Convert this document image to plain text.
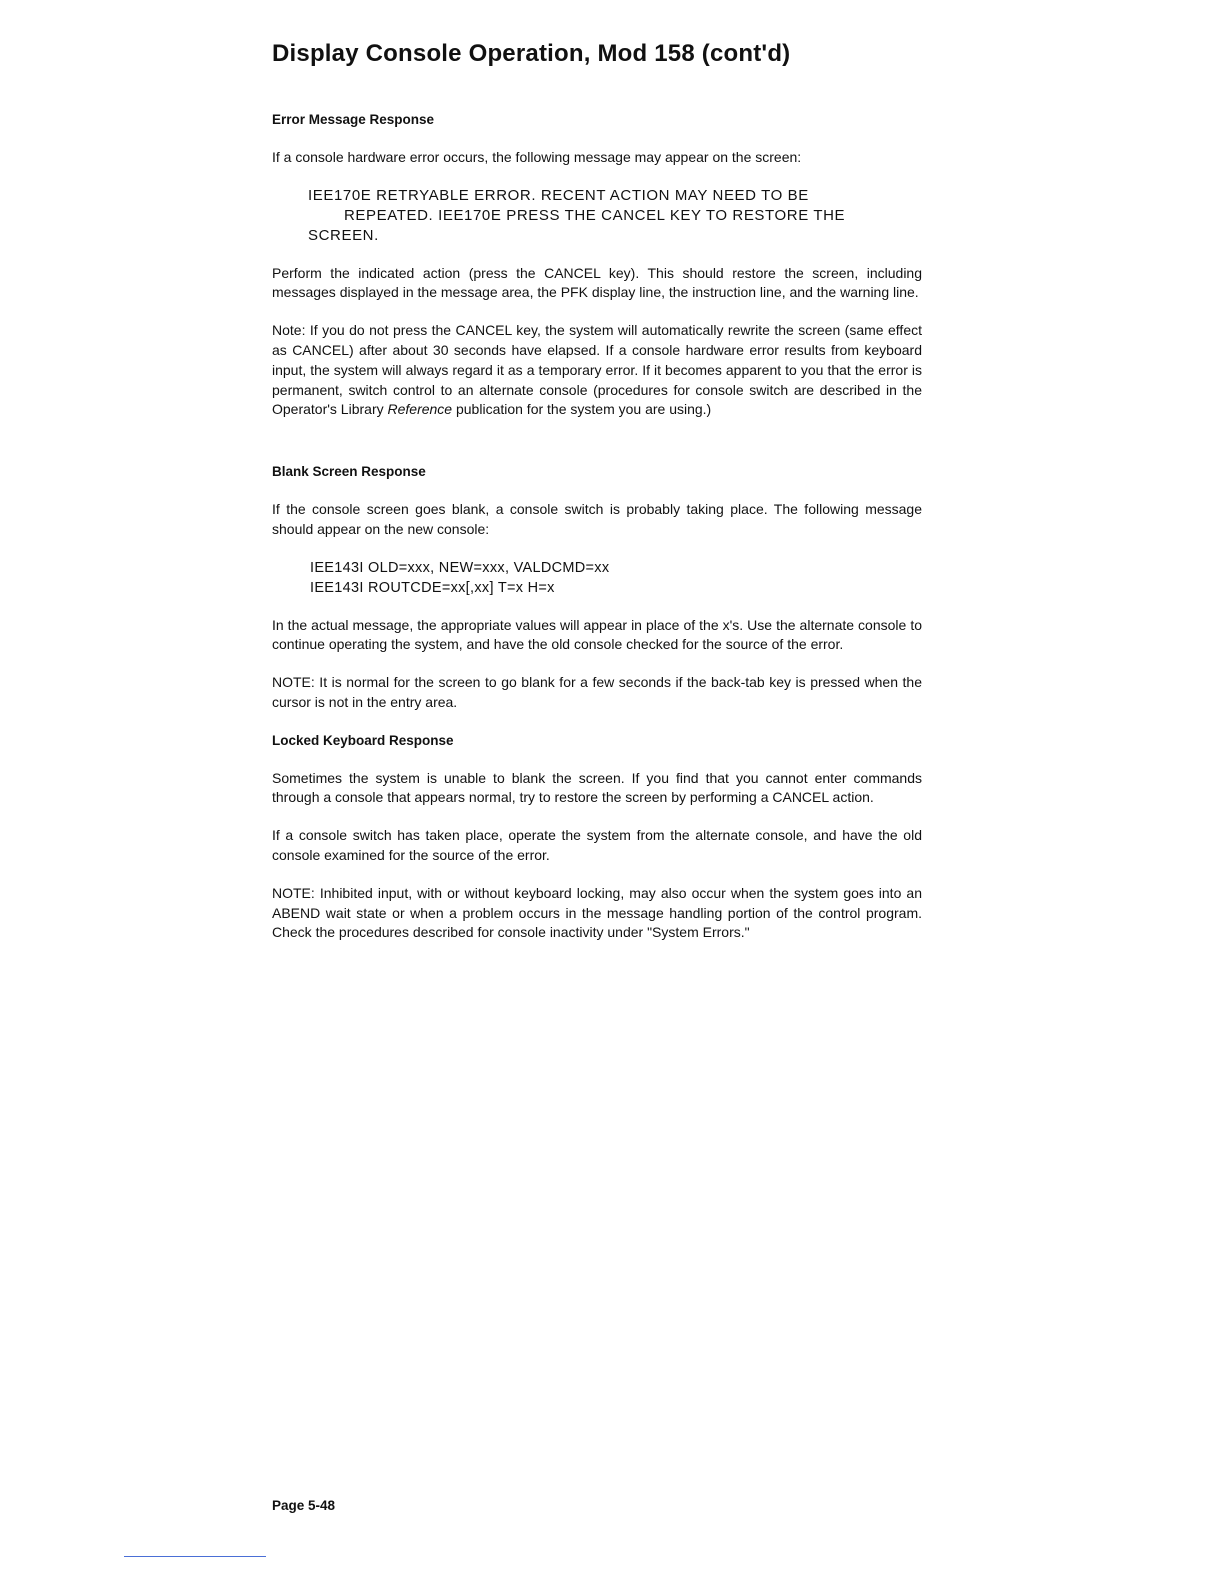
Display Console Operation, Mod 158 (cont'd)
Error Message Response

If a console hardware error occurs, the following message may appear on the screen:

IEE170E RETRYABLE ERROR. RECENT ACTION MAY NEED TO BE
REPEATED. IEE170E PRESS THE CANCEL KEY TO RESTORE THE
SCREEN.

Perform the indicated action (press the CANCEL key). This should restore the screen, including messages displayed in the message area, the PFK display line, the instruction line, and the warning line.

Note: If you do not press the CANCEL key, the system will automatically rewrite the screen (same effect as CANCEL) after about 30 seconds have elapsed. If a console hardware error results from keyboard input, the system will always regard it as a temporary error. If it becomes apparent to you that the error is permanent, switch control to an alternate console (procedures for console switch are described in the Operator's Library Reference publication for the system you are using.)

Blank Screen Response

If the console screen goes blank, a console switch is probably taking place. The following message should appear on the new console:

IEE143I OLD=xxx, NEW=xxx, VALDCMD=xx
IEE143I ROUTCDE=xx[,xx] T=x H=x

In the actual message, the appropriate values will appear in place of the x's. Use the alternate console to continue operating the system, and have the old console checked for the source of the error.

NOTE: It is normal for the screen to go blank for a few seconds if the back-tab key is pressed when the cursor is not in the entry area.

Locked Keyboard Response

Sometimes the system is unable to blank the screen. If you find that you cannot enter commands through a console that appears normal, try to restore the screen by performing a CANCEL action.

If a console switch has taken place, operate the system from the alternate console, and have the old console examined for the source of the error.

NOTE: Inhibited input, with or without keyboard locking, may also occur when the system goes into an ABEND wait state or when a problem occurs in the message handling portion of the control program. Check the procedures described for console inactivity under "System Errors."

Page 5-48
